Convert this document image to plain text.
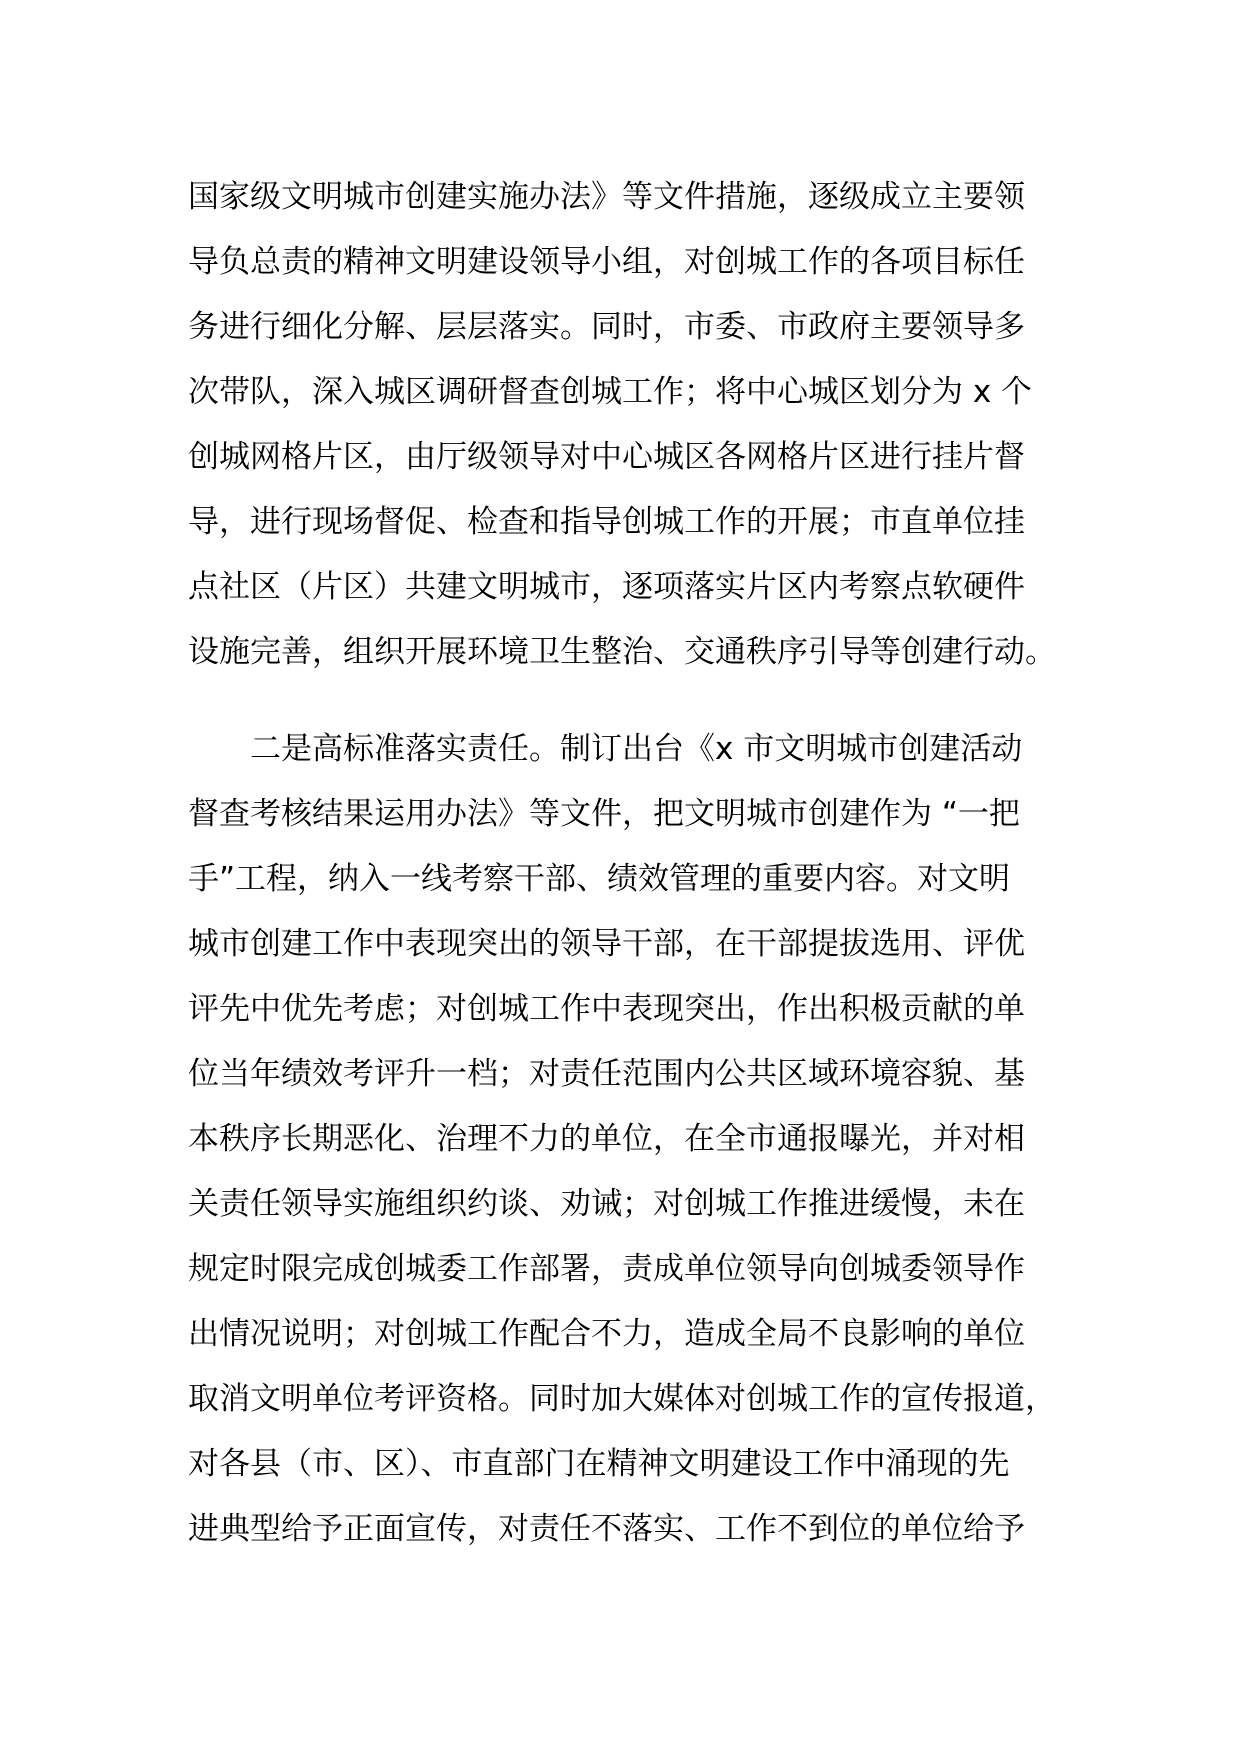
国家级文明城市创建实施办法》等文件措施，逐级成立主要领
导负总责的精神文明建设领导小组，对创城工作的各项目标任
务进行细化分解、层层落实。同时，市委、市政府主要领导多
次带队，深入城区调研督查创城工作；将中心城区划分为 x 个
创城网格片区，由厅级领导对中心城区各网格片区进行挂片督
导，进行现场督促、检查和指导创城工作的开展；市直单位挂
点社区（片区）共建文明城市，逐项落实片区内考察点软硬件
设施完善，组织开展环境卫生整治、交通秩序引导等创建行动。
　　二是高标准落实责任。制订出台《x 市文明城市创建活动
督查考核结果运用办法》等文件，把文明城市创建作为 “一把
手”工程，纳入一线考察干部、绩效管理的重要内容。对文明
城市创建工作中表现突出的领导干部，在干部提拔选用、评优
评先中优先考虑；对创城工作中表现突出，作出积极贡献的单
位当年绩效考评升一档；对责任范围内公共区域环境容貌、基
本秩序长期恶化、治理不力的单位，在全市通报曝光，并对相
关责任领导实施组织约谈、劝诫；对创城工作推进缓慢，未在
规定时限完成创城委工作部署，责成单位领导向创城委领导作
出情况说明；对创城工作配合不力，造成全局不良影响的单位
取消文明单位考评资格。同时加大媒体对创城工作的宣传报道，
对各县（市、区）、市直部门在精神文明建设工作中涌现的先
进典型给予正面宣传，对责任不落实、工作不到位的单位给予
